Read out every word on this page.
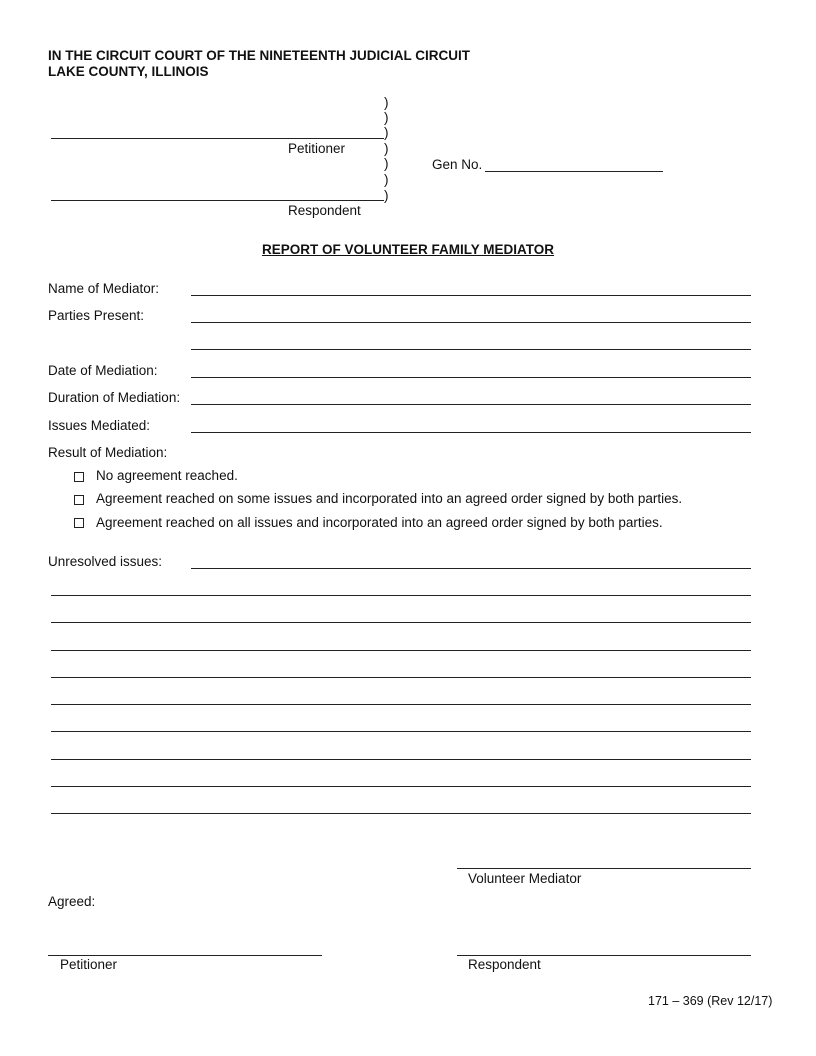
IN THE CIRCUIT COURT OF THE NINETEENTH JUDICIAL CIRCUIT
LAKE COUNTY, ILLINOIS
)
)
)
)
)
)
)
Petitioner
Gen No.
Respondent
REPORT OF VOLUNTEER FAMILY MEDIATOR
Name of Mediator:
Parties Present:
Date of Mediation:
Duration of Mediation:
Issues Mediated:
Result of Mediation:
No agreement reached.
Agreement reached on some issues and incorporated into an agreed order signed by both parties.
Agreement reached on all issues and incorporated into an agreed order signed by both parties.
Unresolved issues:
Volunteer Mediator
Agreed:
Petitioner	Respondent
171 – 369 (Rev 12/17)
